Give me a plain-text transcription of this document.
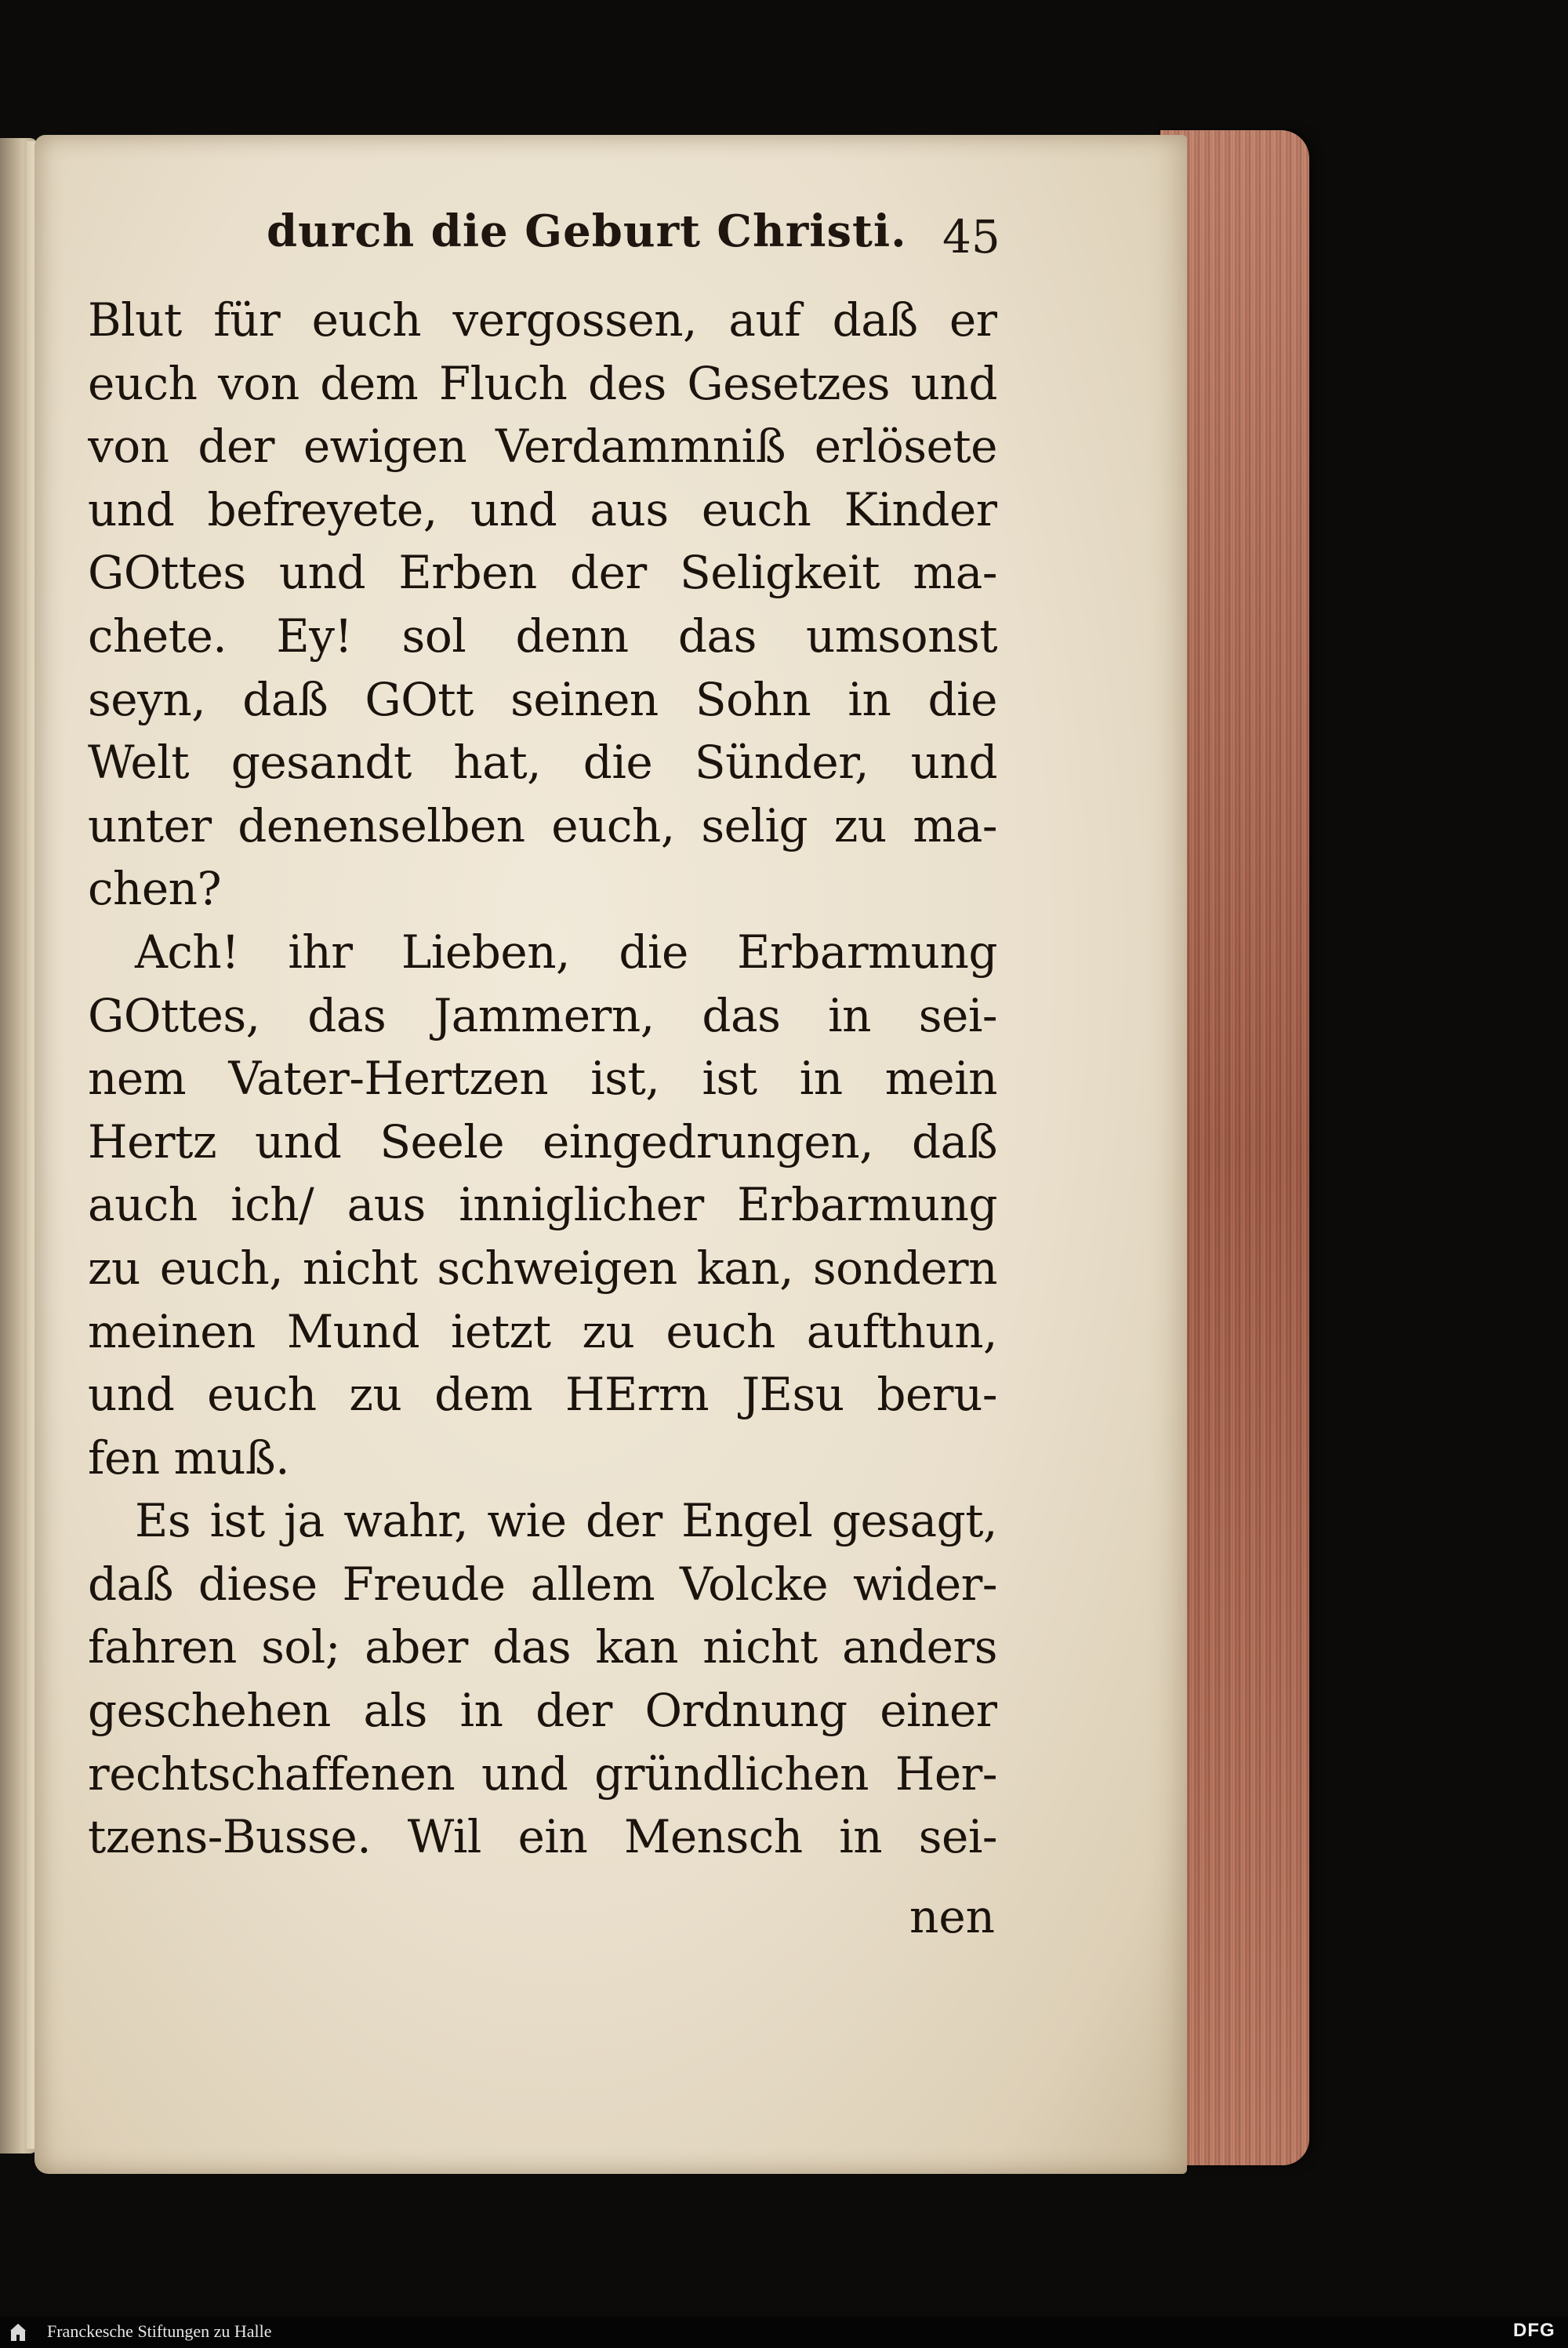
durch die Geburt Christi. 45
Blut für euch vergossen, auf daß er
euch von dem Fluch des Gesetzes und
von der ewigen Verdammniß erlösete
und befreyete, und aus euch Kinder
GOttes und Erben der Seligkeit ma-
chete. Ey! sol denn das umsonst
seyn, daß GOtt seinen Sohn in die
Welt gesandt hat, die Sünder, und
unter denenselben euch, selig zu ma-
chen?
Ach! ihr Lieben, die Erbarmung
GOttes, das Jammern, das in sei-
nem Vater-Hertzen ist, ist in mein
Hertz und Seele eingedrungen, daß
auch ich/ aus inniglicher Erbarmung
zu euch, nicht schweigen kan, sondern
meinen Mund ietzt zu euch aufthun,
und euch zu dem HErrn JEsu beru-
fen muß.
Es ist ja wahr, wie der Engel gesagt,
daß diese Freude allem Volcke wider-
fahren sol; aber das kan nicht anders
geschehen als in der Ordnung einer
rechtschaffenen und gründlichen Her-
tzens-Busse. Wil ein Mensch in sei-
nen
Franckesche Stiftungen zu Halle	DFG
